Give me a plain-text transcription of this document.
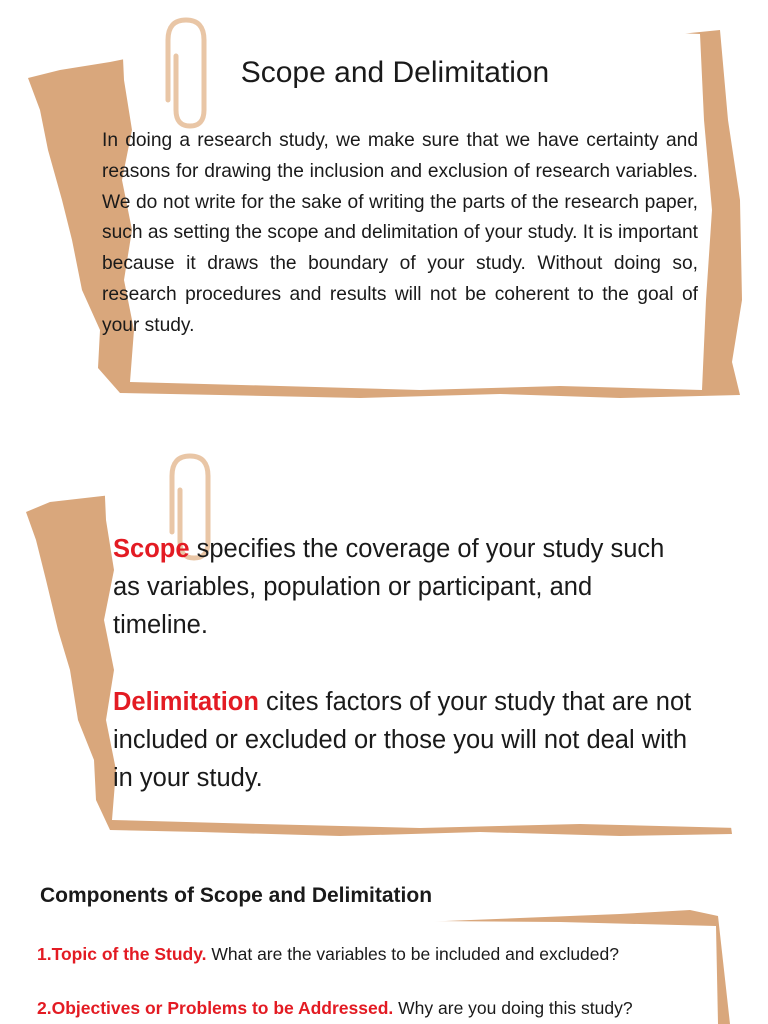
Scope and Delimitation

In doing a research study, we make sure that we have certainty and reasons for drawing the inclusion and exclusion of research variables. We do not write for the sake of writing the parts of the research paper, such as setting the scope and delimitation of your study. It is important because it draws the boundary of your study. Without doing so, research procedures and results will not be coherent to the goal of your study.

Scope specifies the coverage of your study such as variables, population or participant, and timeline.

Delimitation cites factors of your study that are not included or excluded or those you will not deal with in your study.

Components of Scope and Delimitation

1.Topic of the Study. What are the variables to be included and excluded?

2.Objectives or Problems to be Addressed. Why are you doing this study?
